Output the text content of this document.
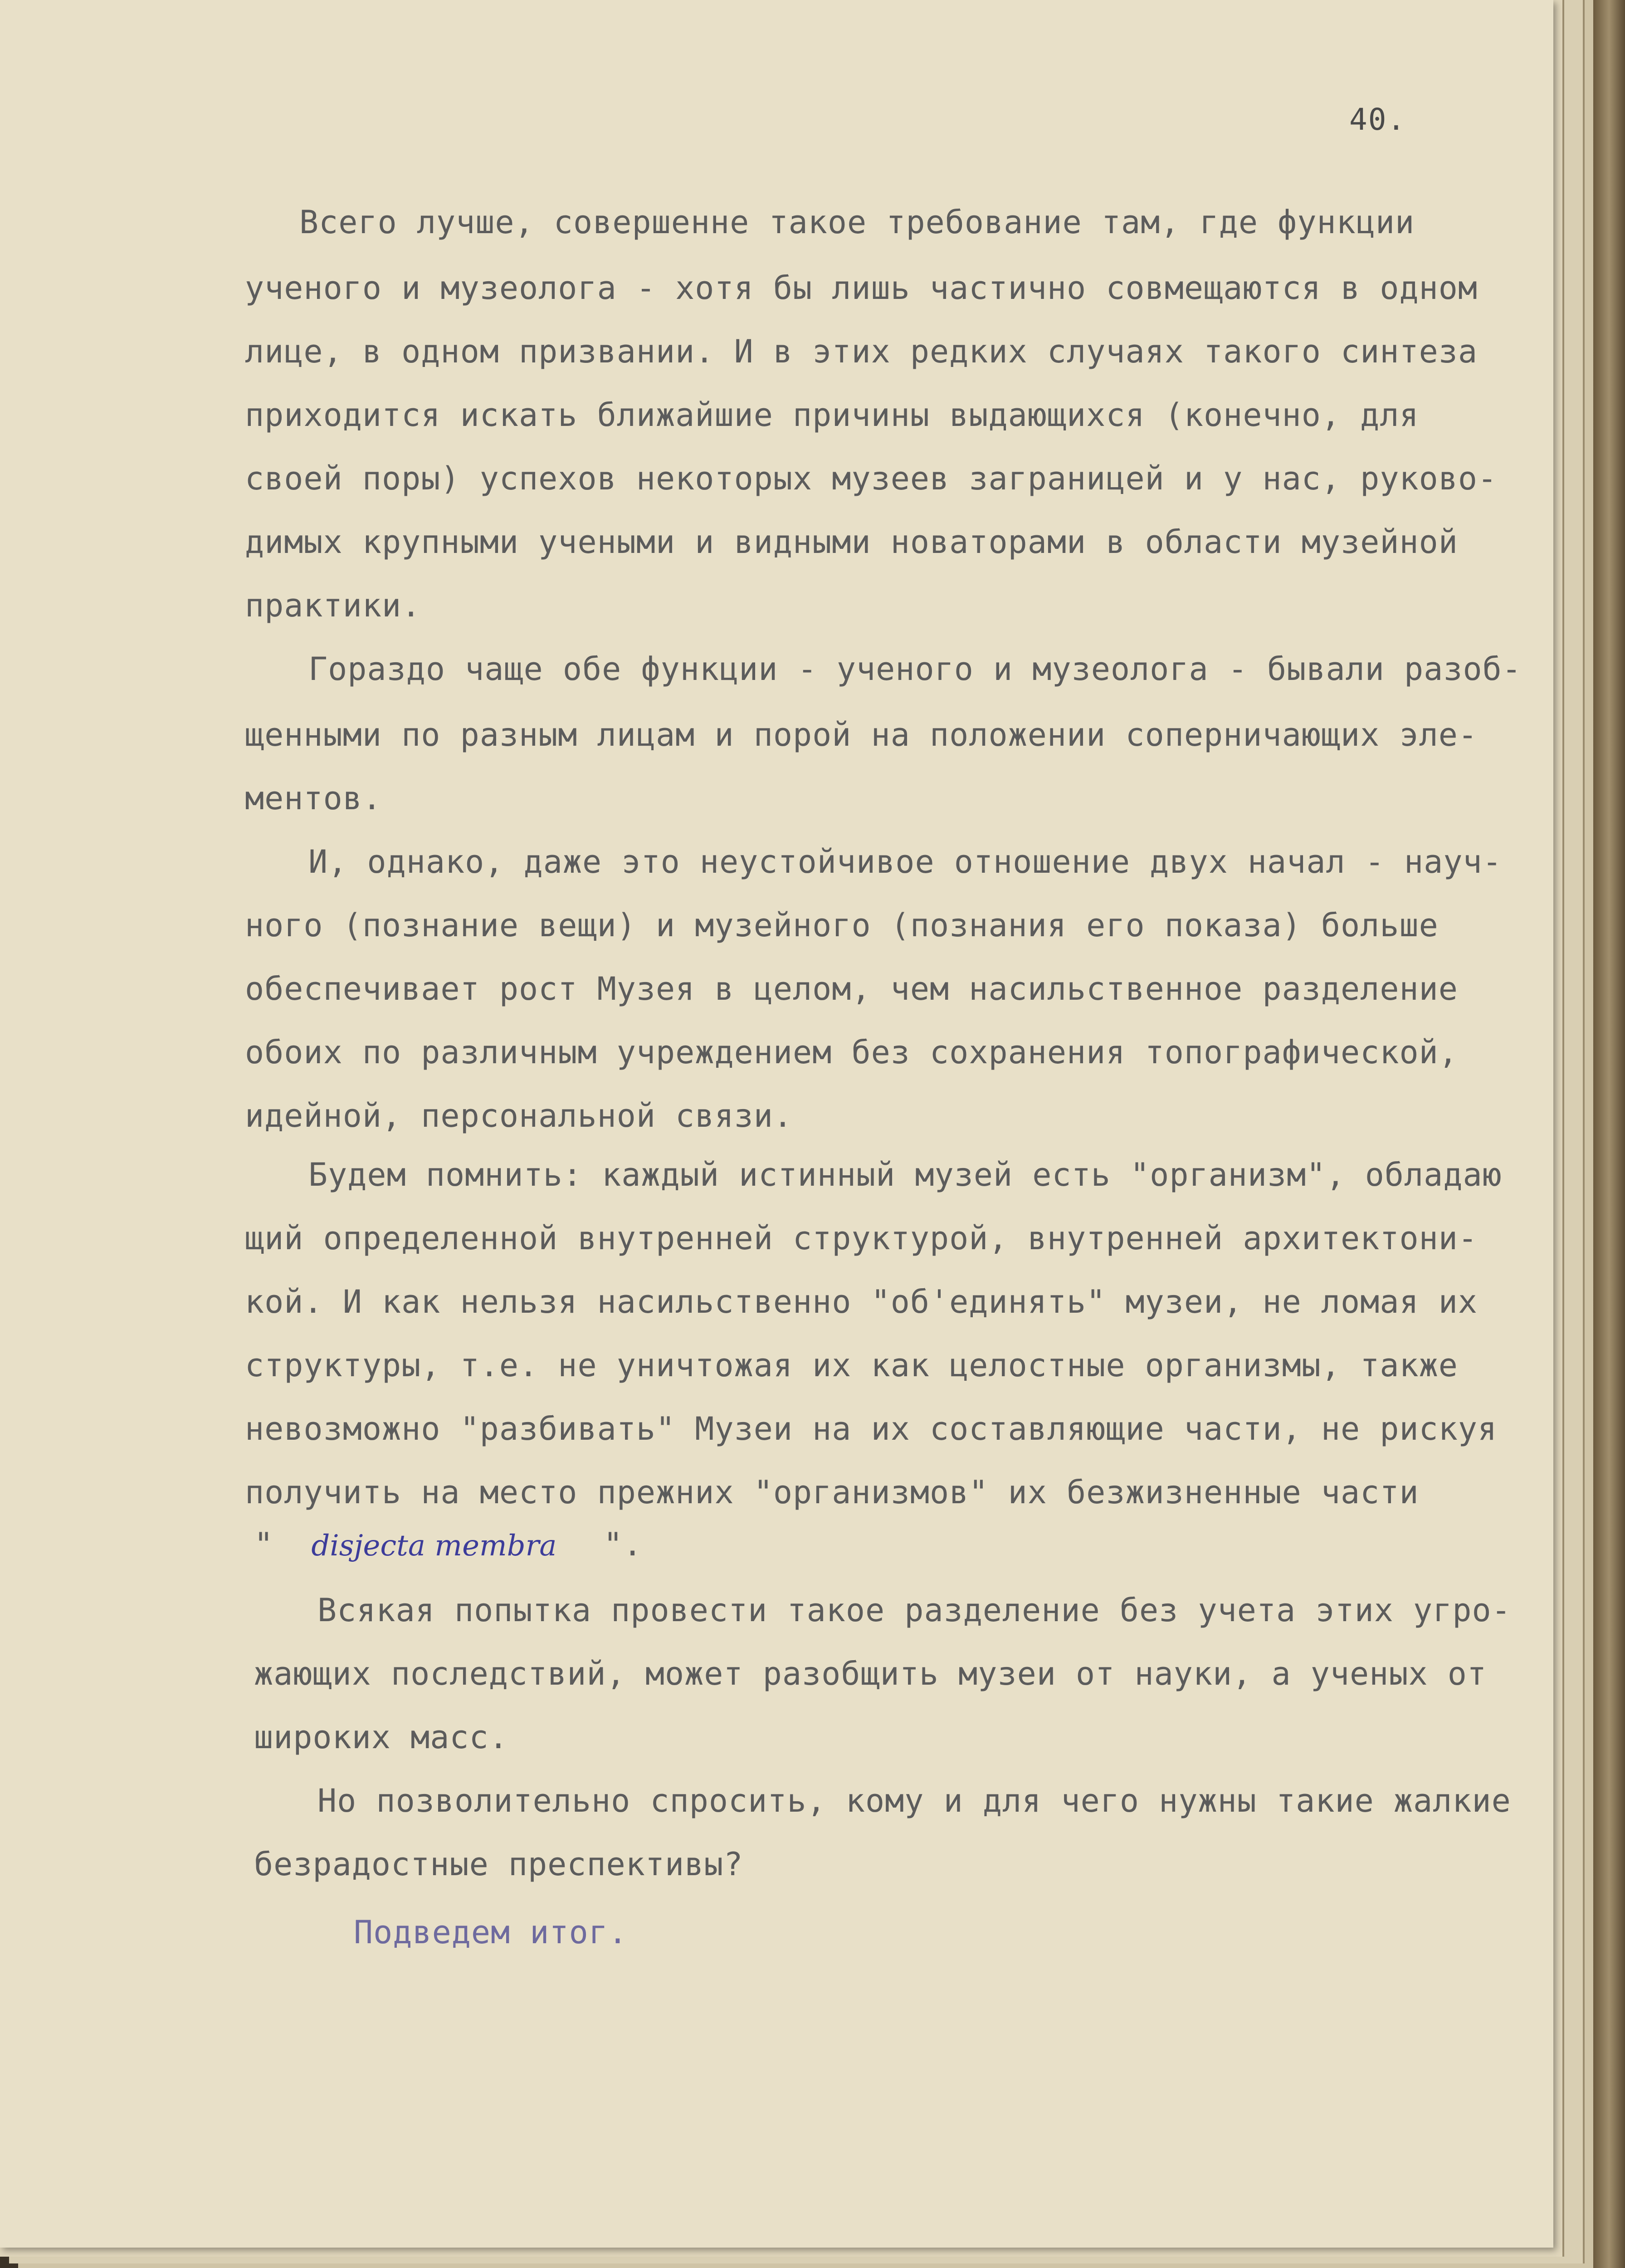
40.
Всего лучше, совершенне такое требование там, где функции
ученого и музеолога - хотя бы лишь частично совмещаются в одном
лице, в одном призвании. И в этих редких случаях такого синтеза
приходится искать ближайшие причины выдающихся (конечно, для
своей поры) успехов некоторых музеев заграницей и у нас, руково-
димых крупными учеными и видными новаторами в области музейной
практики.
Гораздо чаще обе функции - ученого и музеолога - бывали разоб-
щенными по разным лицам и порой на положении соперничающих эле-
ментов.
И, однако, даже это неустойчивое отношение двух начал - науч-
ного (познание вещи) и музейного (познания его показа) больше
обеспечивает рост Музея в целом, чем насильственное разделение
обоих по различным учреждением без сохранения топографической,
идейной, персональной связи.
Будем помнить: каждый истинный музей есть "организм", обладаю
щий определенной внутренней структурой, внутренней архитектони-
кой. И как нельзя насильственно "об'единять" музеи, не ломая их
структуры, т.е. не уничтожая их как целостные организмы, также
невозможно "разбивать" Музеи на их составляющие части, не рискуя
получить на место прежних "организмов" их безжизненные части
" disjecta membra ".
Всякая попытка провести такое разделение без учета этих угро-
жающих последствий, может разобщить музеи от науки, а ученых от
широких масс.
Но позволительно спросить, кому и для чего нужны такие жалкие
безрадостные преспективы?
Подведем итог.
